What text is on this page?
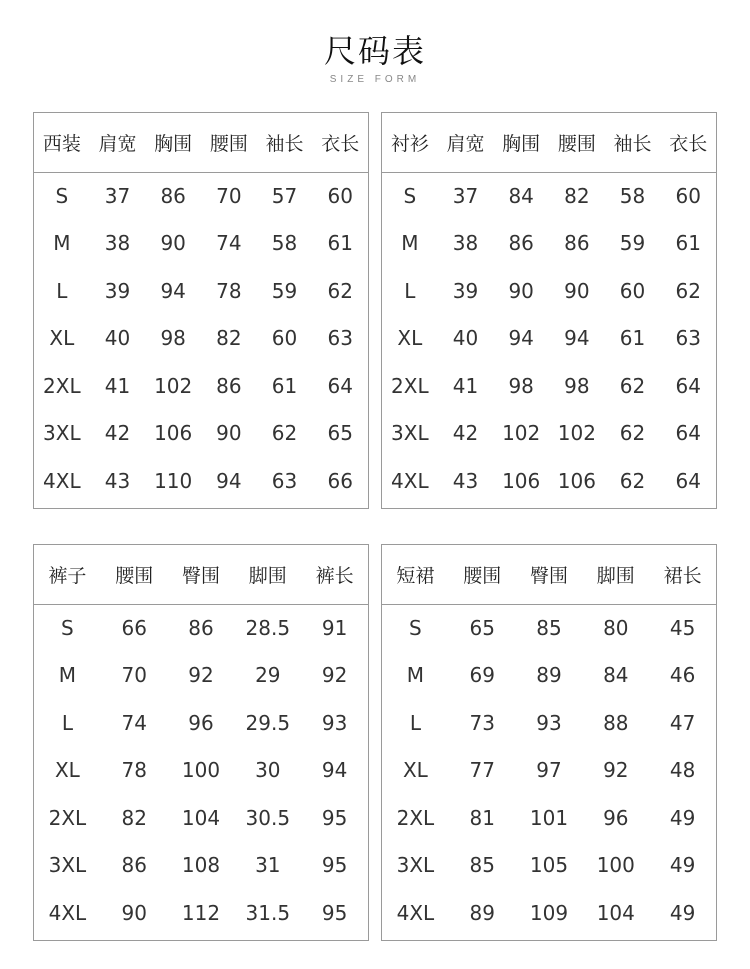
尺码表
SIZE FORM
西装 肩宽 胸围 腰围 袖长 衣长
S	37	86	70	57	60
M	38	90	74	58	61
L	39	94	78	59	62
XL	40	98	82	60	63
2XL	41	102	86	61	64
3XL	42	106	90	62	65
4XL	43	110	94	63	66
衬衫 肩宽 胸围 腰围 袖长 衣长
S	37	84	82	58	60
M	38	86	86	59	61
L	39	90	90	60	62
XL	40	94	94	61	63
2XL	41	98	98	62	64
3XL	42	102 102	62	64
4XL	43	106 106	62	64
裤子	腰围	臀围	脚围	裤长
S	66	86	28.5	91
M	70	92	29	92
L	74	96	29.5	93
XL	78	100	30	94
2XL	82	104	30.5	95
3XL	86	108	31	95
4XL	90	112	31.5	95
短裙	腰围	臀围	脚围	裙长
S	65	85	80	45
M	69	89	84	46
L	73	93	88	47
XL	77	97	92	48
2XL	81	101	96	49
3XL	85	105	100	49
4XL	89	109	104	49
